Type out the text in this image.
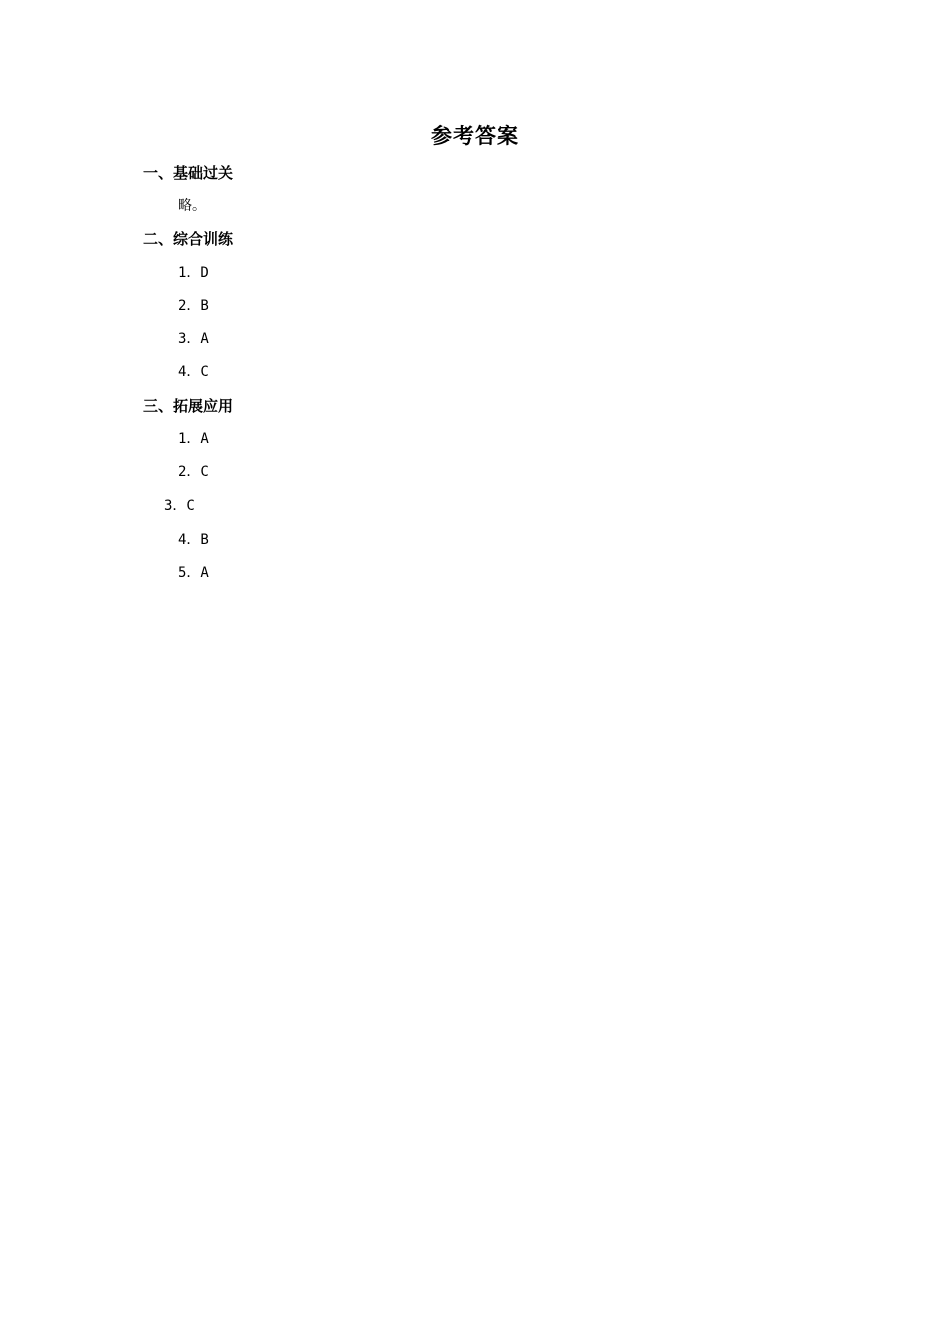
参考答案
一、基础过关
略。
二、综合训练
1．D
2．B
3．A
4．C
三、拓展应用
1．A
2．C
3．C
4．B
5．A
